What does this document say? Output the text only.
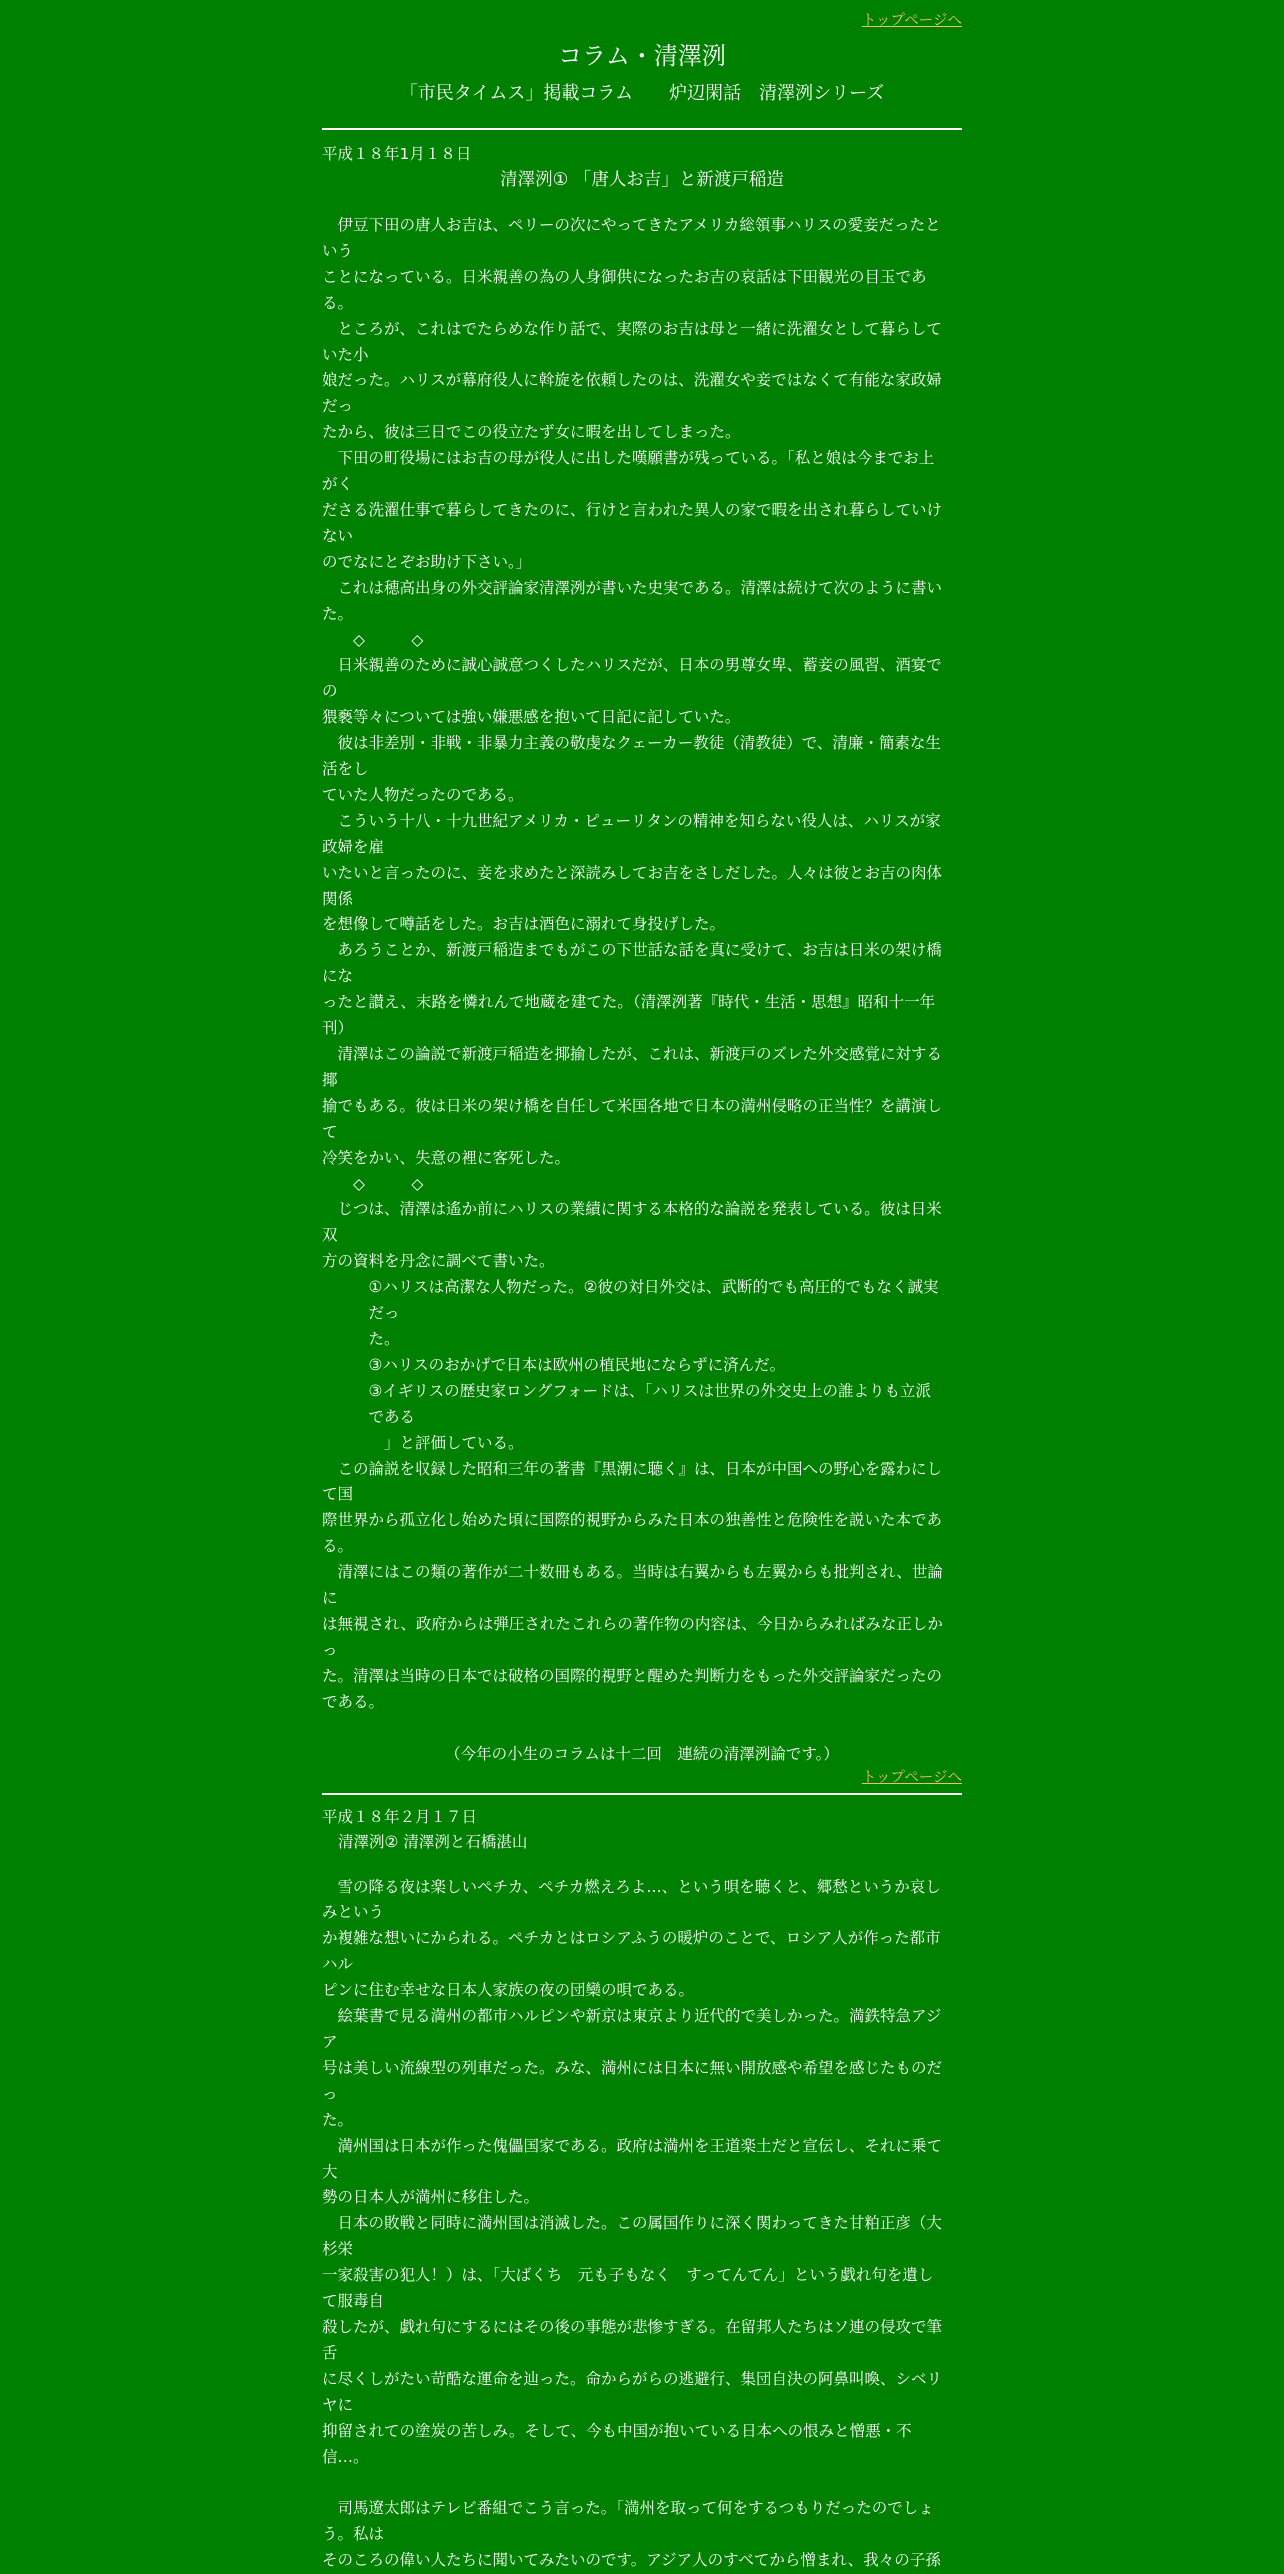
トップページへ
コラム・清澤洌
「市民タイムス」掲載コラム　　炉辺閑話　清澤洌シリーズ
平成１８年1月１８日
清澤洌① 「唐人お吉」と新渡戸稲造
　伊豆下田の唐人お吉は、ペリーの次にやってきたアメリカ総領事ハリスの愛妾だったと
いう
ことになっている。日米親善の為の人身御供になったお吉の哀話は下田観光の目玉であ
る。
　ところが、これはでたらめな作り話で、実際のお吉は母と一緒に洗濯女として暮らして
いた小
娘だった。ハリスが幕府役人に斡旋を依頼したのは、洗濯女や妾ではなくて有能な家政婦
だっ
たから、彼は三日でこの役立たず女に暇を出してしまった。
　下田の町役場にはお吉の母が役人に出した嘆願書が残っている。「私と娘は今までお上
がく
ださる洗濯仕事で暮らしてきたのに、行けと言われた異人の家で暇を出され暮らしていけ
ない
のでなにとぞお助け下さい。」
　これは穂高出身の外交評論家清澤洌が書いた史実である。清澤は続けて次のように書い
た。
　　◇　　　◇
　日米親善のために誠心誠意つくしたハリスだが、日本の男尊女卑、蓄妾の風習、酒宴で
の
猥褻等々については強い嫌悪感を抱いて日記に記していた。
　彼は非差別・非戦・非暴力主義の敬虔なクェーカー教徒（清教徒）で、清廉・簡素な生
活をし
ていた人物だったのである。
　こういう十八・十九世紀アメリカ・ピューリタンの精神を知らない役人は、ハリスが家
政婦を雇
いたいと言ったのに、妾を求めたと深読みしてお吉をさしだした。人々は彼とお吉の肉体
関係
を想像して噂話をした。お吉は酒色に溺れて身投げした。
　あろうことか、新渡戸稲造までもがこの下世話な話を真に受けて、お吉は日米の架け橋
にな
ったと讃え、末路を憐れんで地蔵を建てた。（清澤洌著『時代・生活・思想』昭和十一年
刊）
　清澤はこの論説で新渡戸稲造を揶揄したが、これは、新渡戸のズレた外交感覚に対する
揶
揄でもある。彼は日米の架け橋を自任して米国各地で日本の満州侵略の正当性？を講演し
て
冷笑をかい、失意の裡に客死した。
　　◇　　　◇
　じつは、清澤は遙か前にハリスの業績に関する本格的な論説を発表している。彼は日米
双
方の資料を丹念に調べて書いた。
　　　①ハリスは高潔な人物だった。②彼の対日外交は、武断的でも高圧的でもなく誠実
　　　だっ
　　　た。
　　　③ハリスのおかげで日本は欧州の植民地にならずに済んだ。
　　　③イギリスの歴史家ロングフォードは、「ハリスは世界の外交史上の誰よりも立派
　　　である
　　　　」と評価している。
　この論説を収録した昭和三年の著書『黒潮に聴く』は、日本が中国への野心を露わにし
て国
際世界から孤立化し始めた頃に国際的視野からみた日本の独善性と危険性を説いた本であ
る。
　清澤にはこの類の著作が二十数冊もある。当時は右翼からも左翼からも批判され、世論
に
は無視され、政府からは弾圧されたこれらの著作物の内容は、今日からみればみな正しか
っ
た。清澤は当時の日本では破格の国際的視野と醒めた判断力をもった外交評論家だったの
である。
（今年の小生のコラムは十二回　連続の清澤洌論です。）
トップページへ
平成１８年２月１７日
清澤洌② 清澤洌と石橋湛山
　雪の降る夜は楽しいペチカ、ペチカ燃えろよ…、という唄を聴くと、郷愁というか哀し
みという
か複雑な想いにかられる。ペチカとはロシアふうの暖炉のことで、ロシア人が作った都市
ハル
ピンに住む幸せな日本人家族の夜の団欒の唄である。
　絵葉書で見る満州の都市ハルピンや新京は東京より近代的で美しかった。満鉄特急アジ
ア
号は美しい流線型の列車だった。みな、満州には日本に無い開放感や希望を感じたものだ
っ
た。
　満州国は日本が作った傀儡国家である。政府は満州を王道楽土だと宣伝し、それに乗て
大
勢の日本人が満州に移住した。
　日本の敗戦と同時に満州国は消滅した。この属国作りに深く関わってきた甘粕正彦（大
杉栄
一家殺害の犯人！）は、「大ばくち　元も子もなく　すってんてん」という戯れ句を遺し
て服毒自
殺したが、戯れ句にするにはその後の事態が悲惨すぎる。在留邦人たちはソ連の侵攻で筆
舌
に尽くしがたい苛酷な運命を辿った。命からがらの逃避行、集団自決の阿鼻叫喚、シベリ
ヤに
抑留されての塗炭の苦しみ。そして、今も中国が抱いている日本への恨みと憎悪・不
信…。

　司馬遼太郎はテレビ番組でこう言った。「満州を取って何をするつもりだったのでしょ
う。私は
そのころの偉い人たちに聞いてみたいのです。アジア人のすべてから憎まれ、我々の子孫
